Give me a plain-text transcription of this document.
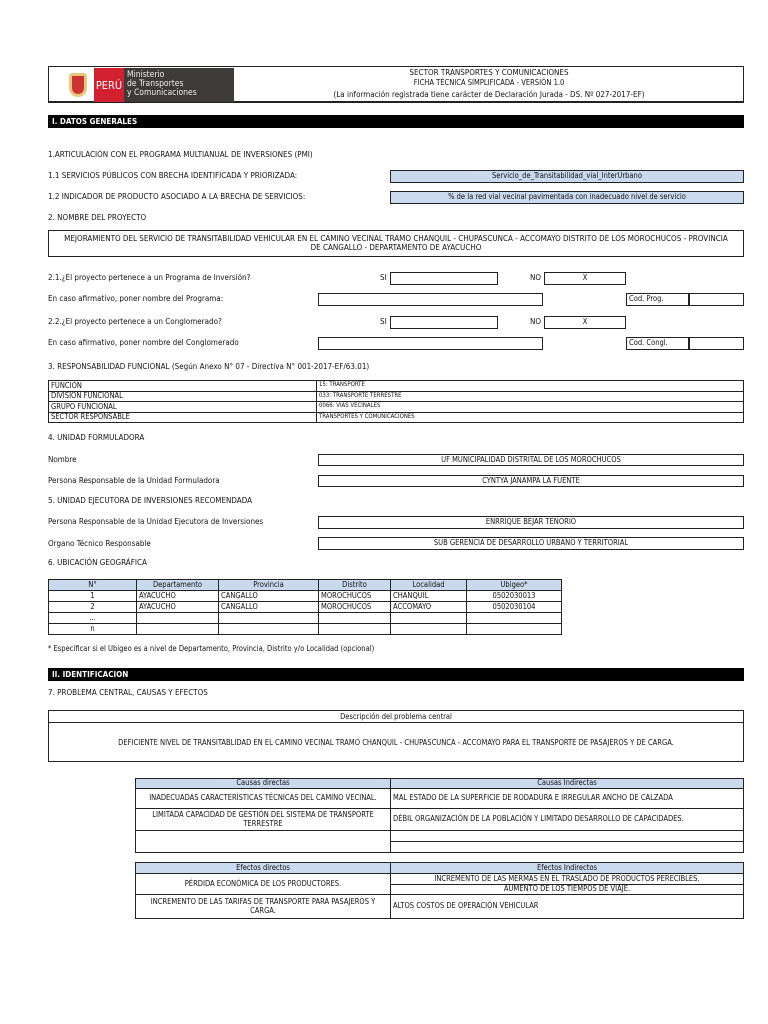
PERÚ
Ministerio
de Transportes
y Comunicaciones
SECTOR TRANSPORTES Y COMUNICACIONES
FICHA TÉCNICA SIMPLIFICADA - VERSIÓN 1.0
(La información registrada tiene carácter de Declaración Jurada - DS. Nº 027-2017-EF)
I. DATOS GENERALES
1.ARTICULACIÓN CON EL PROGRAMA MULTIANUAL DE INVERSIONES (PMI)
1.1 SERVICIOS PÚBLICOS CON BRECHA IDENTIFICADA Y PRIORIZADA:	Servicio_de_Transitabilidad_vial_InterUrbano
1.2 INDICADOR DE PRODUCTO ASOCIADO A LA BRECHA DE SERVICIOS:	% de la red vial vecinal pavimentada con inadecuado nivel de servicio
2. NOMBRE DEL PROYECTO
MEJORAMIENTO DEL SERVICIO DE TRANSITABILIDAD VEHICULAR EN EL CAMINO VECINAL TRAMO CHANQUIL - CHUPASCUNCA - ACCOMAYO DISTRITO DE LOS MOROCHUCOS - PROVINCIA DE CANGALLO - DEPARTAMENTO DE AYACUCHO
2.1.¿El proyecto pertenece a un Programa de Inversión?	SI	NO	X
En caso afirmativo, poner nombre del Programa:	Cod. Prog.
2.2.¿El proyecto pertenece a un Conglomerado?	SI	NO	X
En caso afirmativo, poner nombre del Conglomerado	Cod. Congl.
3. RESPONSABILIDAD FUNCIONAL (Según Anexo N° 07 - Directiva N° 001-2017-EF/63.01)
FUNCIÓN	15: TRANSPORTE
DIVISION FUNCIONAL	033: TRANSPORTE TERRESTRE
GRUPO FUNCIONAL	0066: VIAS VECINALES
SECTOR RESPONSABLE	TRANSPORTES Y COMUNICACIONES
4. UNIDAD FORMULADORA
Nombre	UF MUNICIPALIDAD DISTRITAL DE LOS MOROCHUCOS
Persona Responsable de la Unidad Formuladora	CYNTYA JANAMPA LA FUENTE
5. UNIDAD EJECUTORA DE INVERSIONES RECOMENDADA
Persona Responsable de la Unidad Ejecutora de Inversiones	ENRRIQUE BEJAR TENORIO
Organo Técnico Responsable	SUB GERENCIA DE DESARROLLO URBANO Y TERRITORIAL
6. UBICACIÓN GEOGRÁFICA
N°	Departamento	Provincia	Distrito	Localidad	Ubigeo*
1	AYACUCHO	CANGALLO	MOROCHUCOS	CHANQUIL	0502030013
2	AYACUCHO	CANGALLO	MOROCHUCOS	ACCOMAYO	0502030104
...					
n					
* Especificar si el Ubigeo es a nivel de Departamento, Provincia, Distrito y/o Localidad (opcional)
II. IDENTIFICACION
7. PROBLEMA CENTRAL, CAUSAS Y EFECTOS
Descripción del problema central
DEFICIENTE NIVEL DE TRANSITABLIDAD EN EL CAMINO VECINAL TRAMO CHANQUIL - CHUPASCUNCA - ACCOMAYO PARA EL TRANSPORTE DE PASAJEROS Y DE CARGA.
Causas directas	Causas Indirectas
INADECUADAS CARACTERÍSTICAS TÉCNICAS DEL CAMINO VECINAL.	MAL ESTADO DE LA SUPERFICIE DE RODADURA E IRREGULAR ANCHO DE CALZADA
LIMITADA CAPACIDAD DE GESTIÓN DEL SISTEMA DE TRANSPORTE TERRESTRE	DÉBIL ORGANIZACIÓN DE LA POBLACIÓN Y LIMITADO DESARROLLO DE CAPACIDADES.

Efectos directos	Efectos Indirectos
PÉRDIDA ECONÓMICA DE LOS PRODUCTORES.	INCREMENTO DE LAS MERMAS EN EL TRASLADO DE PRODUCTOS PERECIBLES.
	AUMENTO DE LOS TIEMPOS DE VIAJE.
INCREMENTO DE LAS TARIFAS DE TRANSPORTE PARA PASAJEROS Y CARGA.	ALTOS COSTOS DE OPERACIÓN VEHICULAR
